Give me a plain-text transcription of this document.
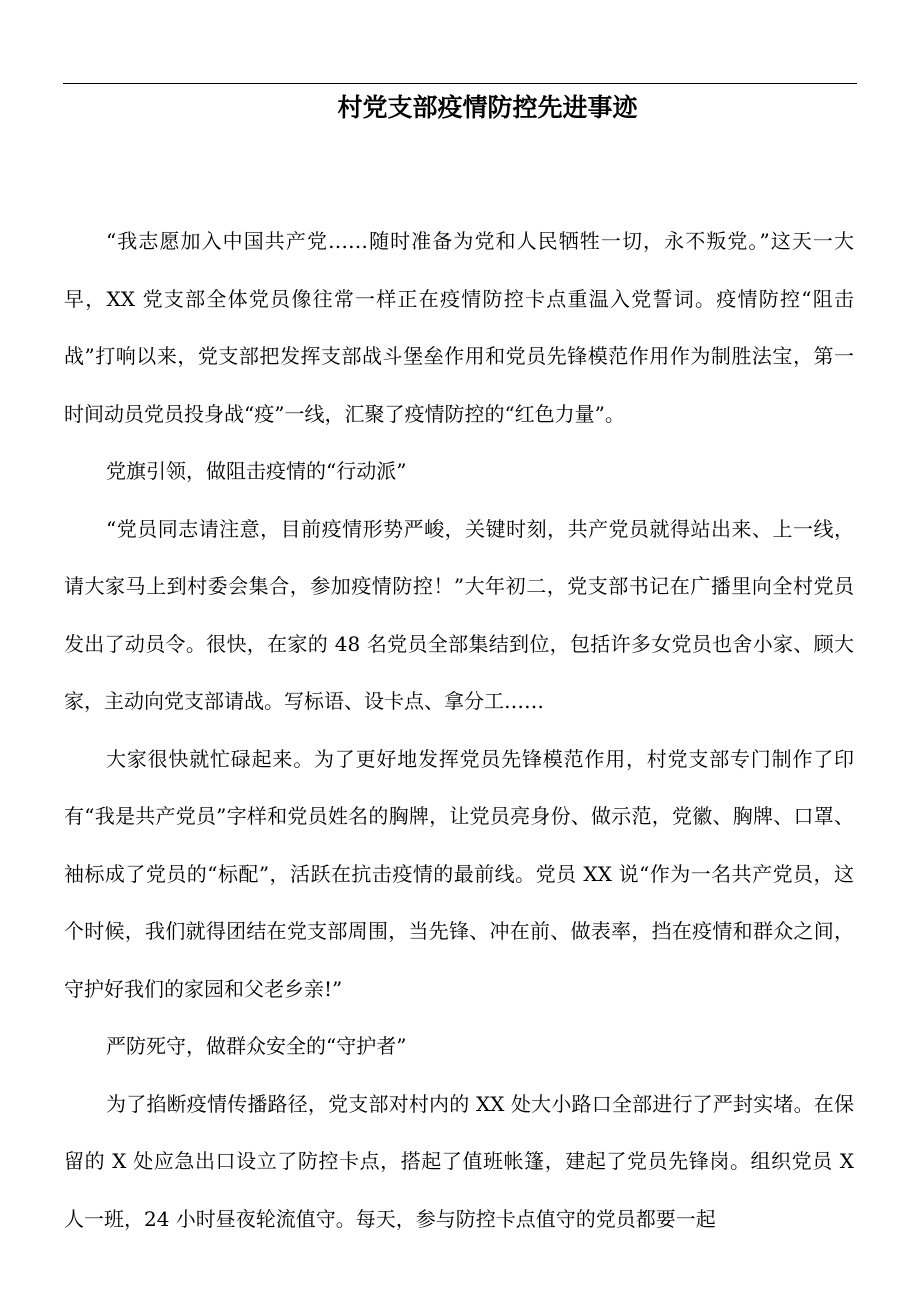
村党支部疫情防控先进事迹

“我志愿加入中国共产党……随时准备为党和人民牺牲一切，永不叛党。”这天一大早，XX 党支部全体党员像往常一样正在疫情防控卡点重温入党誓词。疫情防控“阻击战”打响以来，党支部把发挥支部战斗堡垒作用和党员先锋模范作用作为制胜法宝，第一时间动员党员投身战“疫”一线，汇聚了疫情防控的“红色力量”。

党旗引领，做阻击疫情的“行动派”

“党员同志请注意，目前疫情形势严峻，关键时刻，共产党员就得站出来、上一线，请大家马上到村委会集合，参加疫情防控！”大年初二，党支部书记在广播里向全村党员发出了动员令。很快，在家的 48 名党员全部集结到位，包括许多女党员也舍小家、顾大家，主动向党支部请战。写标语、设卡点、拿分工……

大家很快就忙碌起来。为了更好地发挥党员先锋模范作用，村党支部专门制作了印有“我是共产党员”字样和党员姓名的胸牌，让党员亮身份、做示范，党徽、胸牌、口罩、袖标成了党员的“标配”，活跃在抗击疫情的最前线。党员 XX 说“作为一名共产党员，这个时候，我们就得团结在党支部周围，当先锋、冲在前、做表率，挡在疫情和群众之间，守护好我们的家园和父老乡亲!”

严防死守，做群众安全的“守护者”

为了掐断疫情传播路径，党支部对村内的 XX 处大小路口全部进行了严封实堵。在保留的 X 处应急出口设立了防控卡点，搭起了值班帐篷，建起了党员先锋岗。组织党员 X 人一班，24 小时昼夜轮流值守。每天，参与防控卡点值守的党员都要一起
